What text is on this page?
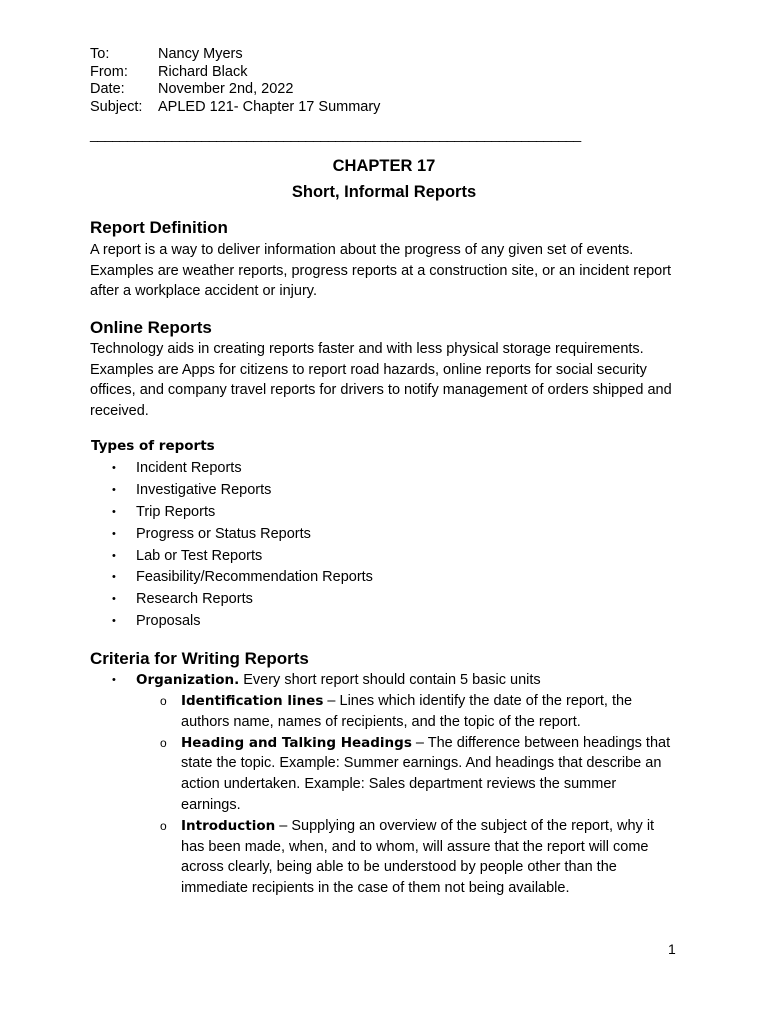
To:	Nancy Myers
From:	Richard Black
Date:	November 2nd, 2022
Subject:	APLED 121- Chapter 17 Summary
__________________________________________________________________
CHAPTER 17
Short, Informal Reports
Report Definition
A report is a way to deliver information about the progress of any given set of events. Examples are weather reports, progress reports at a construction site, or an incident report after a workplace accident or injury.
Online Reports
Technology aids in creating reports faster and with less physical storage requirements. Examples are Apps for citizens to report road hazards, online reports for social security offices, and company travel reports for drivers to notify management of orders shipped and received.
Types of reports
•	Incident Reports
•	Investigative Reports
•	Trip Reports
•	Progress or Status Reports
•	Lab or Test Reports
•	Feasibility/Recommendation Reports
•	Research Reports
•	Proposals
Criteria for Writing Reports
•	Organization. Every short report should contain 5 basic units
o	Identification lines – Lines which identify the date of the report, the authors name, names of recipients, and the topic of the report.
o	Heading and Talking Headings – The difference between headings that state the topic. Example: Summer earnings. And headings that describe an action undertaken. Example: Sales department reviews the summer earnings.
o	Introduction – Supplying an overview of the subject of the report, why it has been made, when, and to whom, will assure that the report will come across clearly, being able to be understood by people other than the immediate recipients in the case of them not being available.
1
